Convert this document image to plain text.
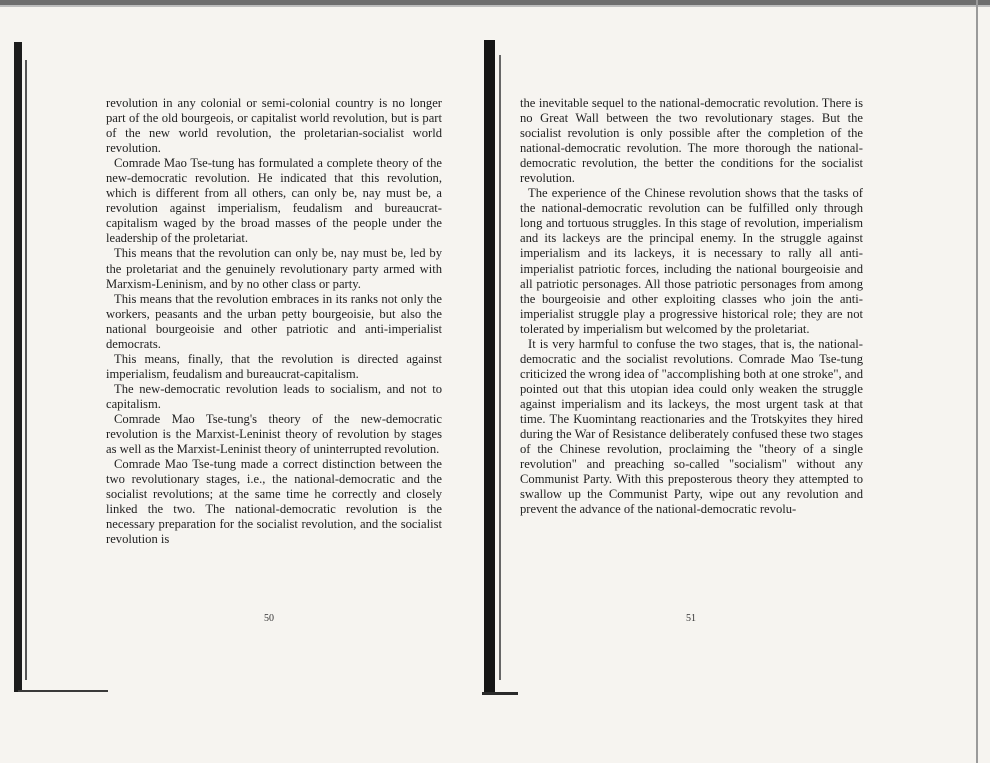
revolution in any colonial or semi-colonial country is no longer part of the old bourgeois, or capitalist world revolution, but is part of the new world revolution, the proletarian-socialist world revolution.

Comrade Mao Tse-tung has formulated a complete theory of the new-democratic revolution. He indicated that this revolution, which is different from all others, can only be, nay must be, a revolution against imperialism, feudalism and bureaucrat-capitalism waged by the broad masses of the people under the leadership of the proletariat.

This means that the revolution can only be, nay must be, led by the proletariat and the genuinely revolutionary party armed with Marxism-Leninism, and by no other class or party.

This means that the revolution embraces in its ranks not only the workers, peasants and the urban petty bourgeoisie, but also the national bourgeoisie and other patriotic and anti-imperialist democrats.

This means, finally, that the revolution is directed against imperialism, feudalism and bureaucrat-capitalism.

The new-democratic revolution leads to socialism, and not to capitalism.

Comrade Mao Tse-tung's theory of the new-democratic revolution is the Marxist-Leninist theory of revolution by stages as well as the Marxist-Leninist theory of uninterrupted revolution.

Comrade Mao Tse-tung made a correct distinction between the two revolutionary stages, i.e., the national-democratic and the socialist revolutions; at the same time he correctly and closely linked the two. The national-democratic revolution is the necessary preparation for the socialist revolution, and the socialist revolution is

50

the inevitable sequel to the national-democratic revolution. There is no Great Wall between the two revolutionary stages. But the socialist revolution is only possible after the completion of the national-democratic revolution. The more thorough the national-democratic revolution, the better the conditions for the socialist revolution.

The experience of the Chinese revolution shows that the tasks of the national-democratic revolution can be fulfilled only through long and tortuous struggles. In this stage of revolution, imperialism and its lackeys are the principal enemy. In the struggle against imperialism and its lackeys, it is necessary to rally all anti-imperialist patriotic forces, including the national bourgeoisie and all patriotic personages. All those patriotic personages from among the bourgeoisie and other exploiting classes who join the anti-imperialist struggle play a progressive historical role; they are not tolerated by imperialism but welcomed by the proletariat.

It is very harmful to confuse the two stages, that is, the national-democratic and the socialist revolutions. Comrade Mao Tse-tung criticized the wrong idea of "accomplishing both at one stroke", and pointed out that this utopian idea could only weaken the struggle against imperialism and its lackeys, the most urgent task at that time. The Kuomintang reactionaries and the Trotskyites they hired during the War of Resistance deliberately confused these two stages of the Chinese revolution, proclaiming the "theory of a single revolution" and preaching so-called "socialism" without any Communist Party. With this preposterous theory they attempted to swallow up the Communist Party, wipe out any revolution and prevent the advance of the national-democratic revolu-

51
